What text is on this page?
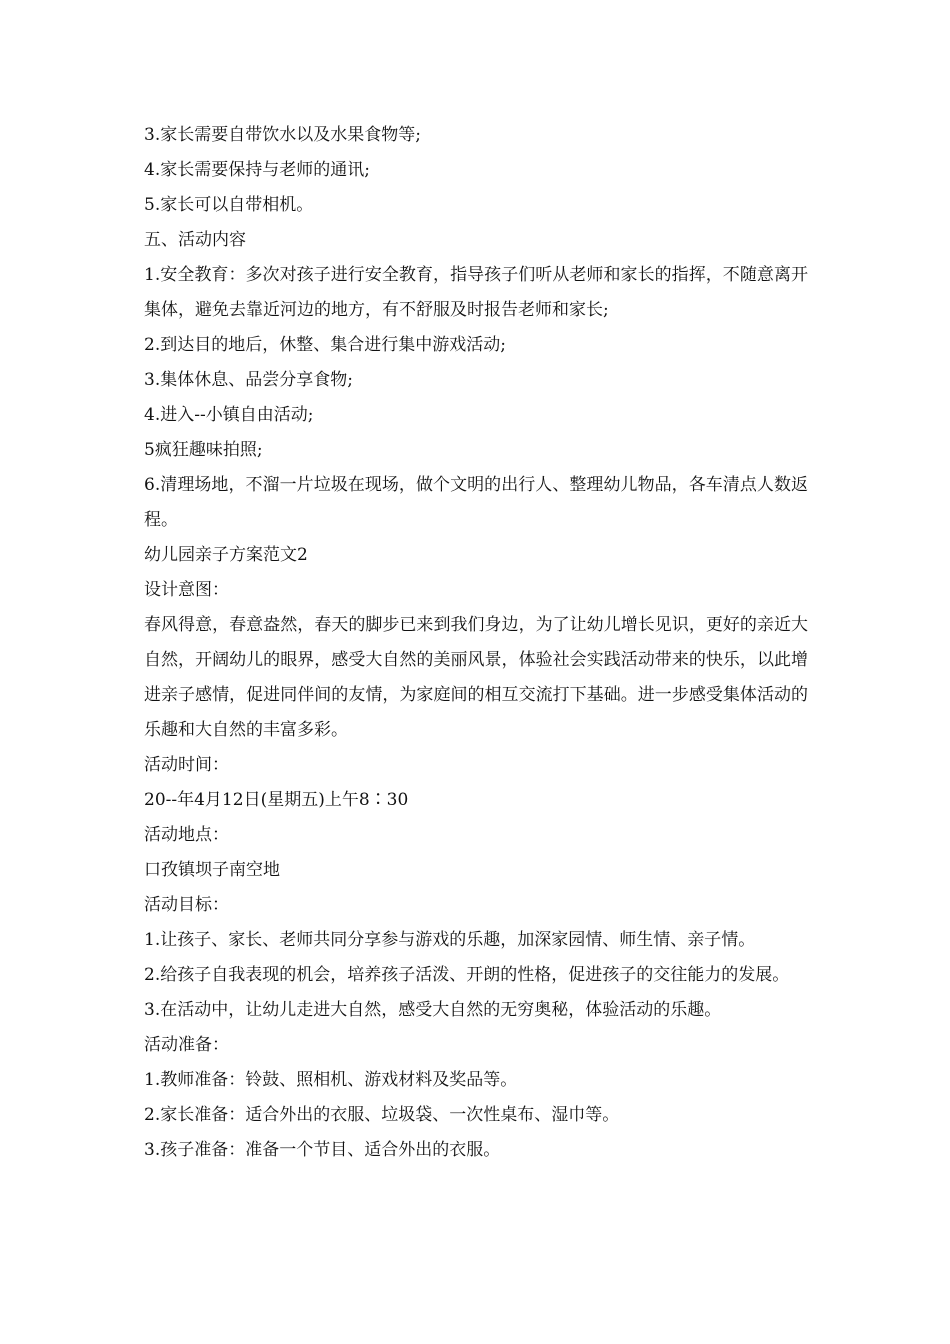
3.家长需要自带饮水以及水果食物等;

4.家长需要保持与老师的通讯;

5.家长可以自带相机。

五、活动内容

1.安全教育：多次对孩子进行安全教育，指导孩子们听从老师和家长的指挥，不随意离开集体，避免去靠近河边的地方，有不舒服及时报告老师和家长;

2.到达目的地后，休整、集合进行集中游戏活动;

3.集体休息、品尝分享食物;

4.进入--小镇自由活动;

5疯狂趣味拍照;

6.清理场地，不溜一片垃圾在现场，做个文明的出行人、整理幼儿物品，各车清点人数返程。

幼儿园亲子方案范文2

设计意图：

春风得意，春意盎然，春天的脚步已来到我们身边，为了让幼儿增长见识，更好的亲近大自然，开阔幼儿的眼界，感受大自然的美丽风景，体验社会实践活动带来的快乐，以此增进亲子感情，促进同伴间的友情，为家庭间的相互交流打下基础。进一步感受集体活动的乐趣和大自然的丰富多彩。

活动时间：

20--年4月12日(星期五)上午8∶30

活动地点：

口孜镇坝子南空地

活动目标：

1.让孩子、家长、老师共同分享参与游戏的乐趣，加深家园情、师生情、亲子情。

2.给孩子自我表现的机会，培养孩子活泼、开朗的性格，促进孩子的交往能力的发展。

3.在活动中，让幼儿走进大自然，感受大自然的无穷奥秘，体验活动的乐趣。

活动准备：

1.教师准备：铃鼓、照相机、游戏材料及奖品等。

2.家长准备：适合外出的衣服、垃圾袋、一次性桌布、湿巾等。

3.孩子准备：准备一个节目、适合外出的衣服。
